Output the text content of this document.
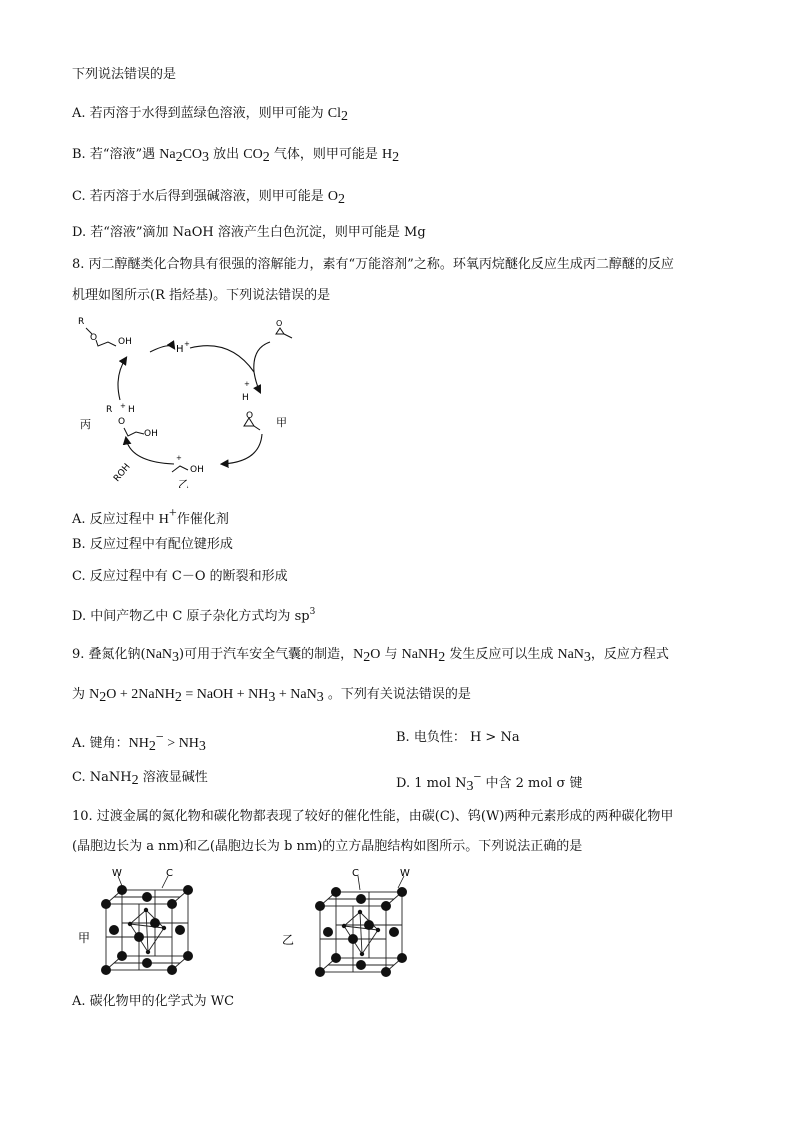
下列说法错误的是
A. 若丙溶于水得到蓝绿色溶液，则甲可能为 Cl2
B. 若“溶液”遇 Na2CO3 放出 CO2 气体，则甲可能是 H2
C. 若丙溶于水后得到强碱溶液，则甲可能是 O2
D. 若“溶液”滴加 NaOH 溶液产生白色沉淀，则甲可能是 Mg
8. 丙二醇醚类化合物具有很强的溶解能力，素有“万能溶剂”之称。环氧丙烷醚化反应生成丙二醇醚的反应
机理如图所示(R 指烃基)。下列说法错误的是
R
O OH
H +
O
+
H
O 甲
+
OH
乙
ROH
R + H
O
OH
丙
A. 反应过程中 H+作催化剂
B. 反应过程中有配位键形成
C. 反应过程中有 C－O 的断裂和形成
D. 中间产物乙中 C 原子杂化方式均为 $sp^3$
9. 叠氮化钠(NaN3)可用于汽车安全气囊的制造，N2O 与 NaNH2 发生反应可以生成 NaN3，反应方程式
为 N2O + 2NaNH2 = NaOH + NH3 + NaN3 。下列有关说法错误的是
A. 键角：NH2− > NH3
B. 电负性： H > Na
C. NaNH2 溶液显碱性	D. 1 mol N3− 中含 2 mol σ 键
10. 过渡金属的氮化物和碳化物都表现了较好的催化性能，由碳(C)、钨(W)两种元素形成的两种碳化物甲
(晶胞边长为 a nm)和乙(晶胞边长为 b nm)的立方晶胞结构如图所示。下列说法正确的是
W	C
甲
C	W
乙
A. 碳化物甲的化学式为 WC
